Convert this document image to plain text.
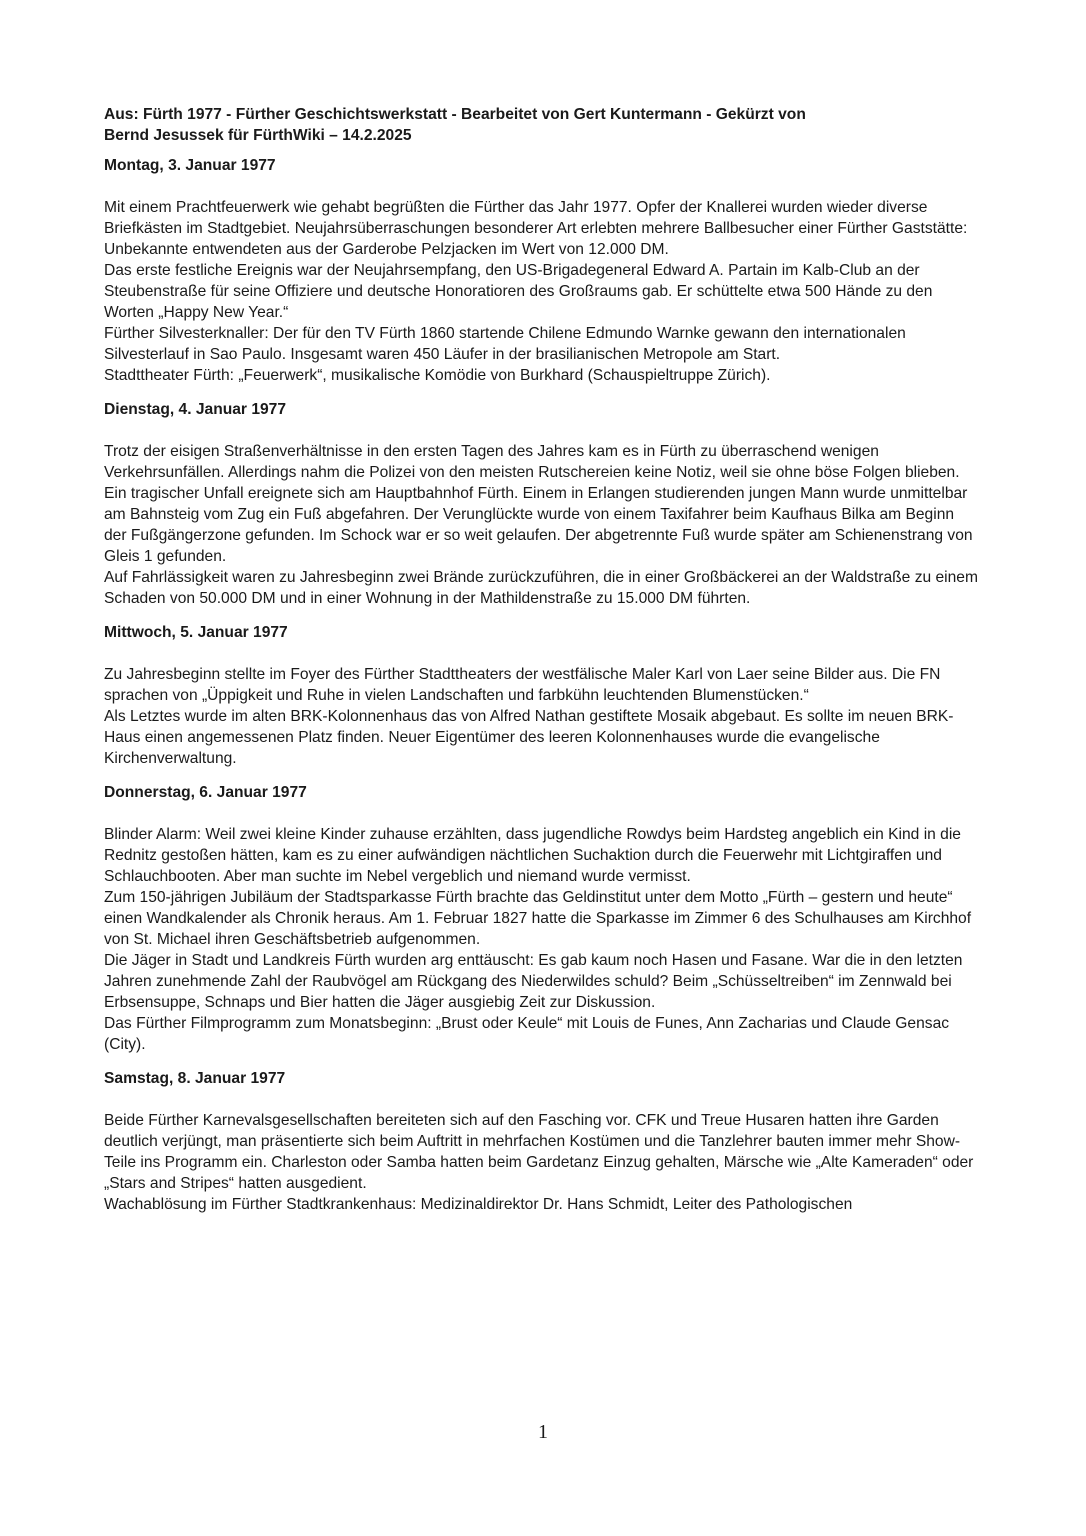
Aus: Fürth 1977 - Fürther Geschichtswerkstatt - Bearbeitet von Gert Kuntermann - Gekürzt von
Bernd Jesussek für FürthWiki – 14.2.2025
Montag, 3. Januar 1977

Mit einem Prachtfeuerwerk wie gehabt begrüßten die Fürther das Jahr 1977. Opfer der Knallerei wurden wieder diverse Briefkästen im Stadtgebiet. Neujahrsüberraschungen besonderer Art erlebten mehrere Ballbesucher einer Fürther Gaststätte: Unbekannte entwendeten aus der Garderobe Pelzjacken im Wert von 12.000 DM.

Das erste festliche Ereignis war der Neujahrsempfang, den US-Brigadegeneral Edward A. Partain im Kalb-Club an der Steubenstraße für seine Offiziere und deutsche Honoratioren des Großraums gab. Er schüttelte etwa 500 Hände zu den Worten „Happy New Year.“

Fürther Silvesterknaller: Der für den TV Fürth 1860 startende Chilene Edmundo Warnke gewann den internationalen Silvesterlauf in Sao Paulo. Insgesamt waren 450 Läufer in der brasilianischen Metropole am Start.

Stadttheater Fürth: „Feuerwerk“, musikalische Komödie von Burkhard (Schauspieltruppe Zürich).

Dienstag, 4. Januar 1977

Trotz der eisigen Straßenverhältnisse in den ersten Tagen des Jahres kam es in Fürth zu überraschend wenigen Verkehrsunfällen. Allerdings nahm die Polizei von den meisten Rutschereien keine Notiz, weil sie ohne böse Folgen blieben.

Ein tragischer Unfall ereignete sich am Hauptbahnhof Fürth. Einem in Erlangen studierenden jungen Mann wurde unmittelbar am Bahnsteig vom Zug ein Fuß abgefahren. Der Verunglückte wurde von einem Taxifahrer beim Kaufhaus Bilka am Beginn der Fußgängerzone gefunden. Im Schock war er so weit gelaufen. Der abgetrennte Fuß wurde später am Schienenstrang von Gleis 1 gefunden.

Auf Fahrlässigkeit waren zu Jahresbeginn zwei Brände zurückzuführen, die in einer Großbäckerei an der Waldstraße zu einem Schaden von 50.000 DM und in einer Wohnung in der Mathildenstraße zu 15.000 DM führten.

Mittwoch, 5. Januar 1977

Zu Jahresbeginn stellte im Foyer des Fürther Stadttheaters der westfälische Maler Karl von Laer seine Bilder aus. Die FN sprachen von „Üppigkeit und Ruhe in vielen Landschaften und farbkühn leuchtenden Blumenstücken.“

Als Letztes wurde im alten BRK-Kolonnenhaus das von Alfred Nathan gestiftete Mosaik abgebaut. Es sollte im neuen BRK-Haus einen angemessenen Platz finden. Neuer Eigentümer des leeren Kolonnenhauses wurde die evangelische Kirchenverwaltung.

Donnerstag, 6. Januar 1977

Blinder Alarm: Weil zwei kleine Kinder zuhause erzählten, dass jugendliche Rowdys beim Hardsteg angeblich ein Kind in die Rednitz gestoßen hätten, kam es zu einer aufwändigen nächtlichen Suchaktion durch die Feuerwehr mit Lichtgiraffen und Schlauchbooten. Aber man suchte im Nebel vergeblich und niemand wurde vermisst.

Zum 150-jährigen Jubiläum der Stadtsparkasse Fürth brachte das Geldinstitut unter dem Motto „Fürth – gestern und heute“ einen Wandkalender als Chronik heraus. Am 1. Februar 1827 hatte die Sparkasse im Zimmer 6 des Schulhauses am Kirchhof von St. Michael ihren Geschäftsbetrieb aufgenommen.

Die Jäger in Stadt und Landkreis Fürth wurden arg enttäuscht: Es gab kaum noch Hasen und Fasane. War die in den letzten Jahren zunehmende Zahl der Raubvögel am Rückgang des Niederwildes schuld? Beim „Schüsseltreiben“ im Zennwald bei Erbsensuppe, Schnaps und Bier hatten die Jäger ausgiebig Zeit zur Diskussion.

Das Fürther Filmprogramm zum Monatsbeginn: „Brust oder Keule“ mit Louis de Funes, Ann Zacharias und Claude Gensac (City).

Samstag, 8. Januar 1977

Beide Fürther Karnevalsgesellschaften bereiteten sich auf den Fasching vor. CFK und Treue Husaren hatten ihre Garden deutlich verjüngt, man präsentierte sich beim Auftritt in mehrfachen Kostümen und die Tanzlehrer bauten immer mehr Show-Teile ins Programm ein. Charleston oder Samba hatten beim Gardetanz Einzug gehalten, Märsche wie „Alte Kameraden“ oder „Stars and Stripes“ hatten ausgedient.

Wachablösung im Fürther Stadtkrankenhaus: Medizinaldirektor Dr. Hans Schmidt, Leiter des Pathologischen

1
